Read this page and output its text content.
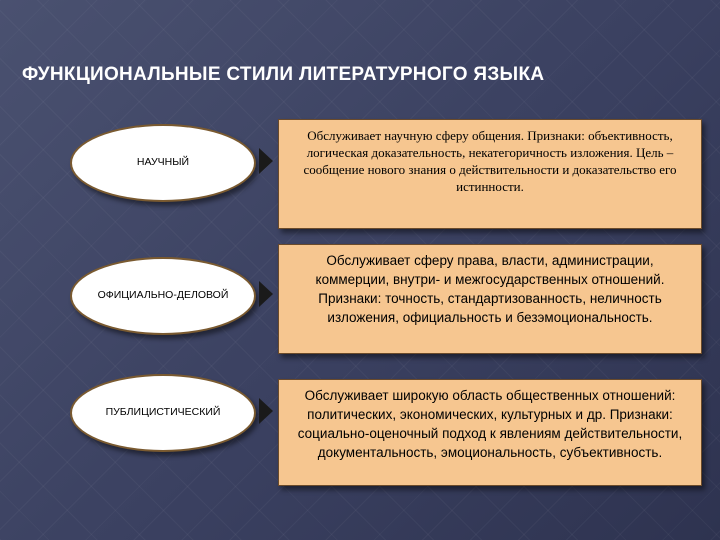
ФУНКЦИОНАЛЬНЫЕ СТИЛИ ЛИТЕРАТУРНОГО ЯЗЫКА
НАУЧНЫЙ
Обслуживает научную сферу общения. Признаки: объективность, логическая доказательность, некатегоричность изложения. Цель – сообщение нового знания о действительности и доказательство его истинности.
ОФИЦИАЛЬНО-ДЕЛОВОЙ
Обслуживает сферу права, власти, администрации, коммерции, внутри- и межгосударственных отношений. Признаки: точность, стандартизованность, неличность изложения, официальность и безэмоциональность.
ПУБЛИЦИСТИЧЕСКИЙ
Обслуживает широкую область общественных отношений: политических, экономических, культурных и др. Признаки: социально-оценочный подход к явлениям действительности, документальность, эмоциональность, субъективность.
